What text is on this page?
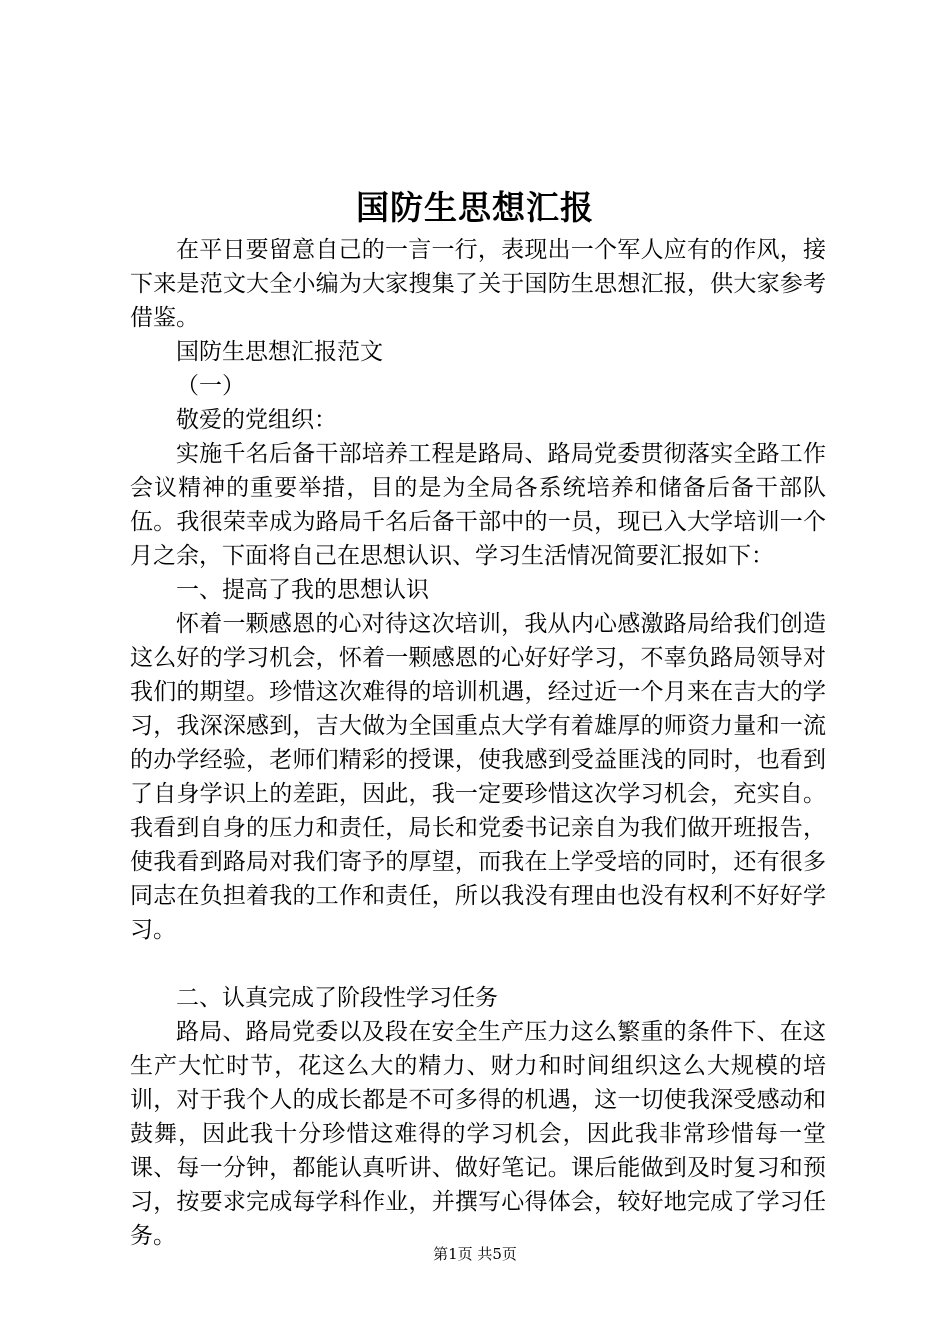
国防生思想汇报

在平日要留意自己的一言一行，表现出一个军人应有的作风，接下来是范文大全小编为大家搜集了关于国防生思想汇报，供大家参考借鉴。

国防生思想汇报范文

（一）

敬爱的党组织：

实施千名后备干部培养工程是路局、路局党委贯彻落实全路工作会议精神的重要举措，目的是为全局各系统培养和储备后备干部队伍。我很荣幸成为路局千名后备干部中的一员，现已入大学培训一个月之余，下面将自己在思想认识、学习生活情况简要汇报如下：

一、提高了我的思想认识

怀着一颗感恩的心对待这次培训，我从内心感激路局给我们创造这么好的学习机会，怀着一颗感恩的心好好学习，不辜负路局领导对我们的期望。珍惜这次难得的培训机遇，经过近一个月来在吉大的学习，我深深感到，吉大做为全国重点大学有着雄厚的师资力量和一流的办学经验，老师们精彩的授课，使我感到受益匪浅的同时，也看到了自身学识上的差距，因此，我一定要珍惜这次学习机会，充实自。我看到自身的压力和责任，局长和党委书记亲自为我们做开班报告，使我看到路局对我们寄予的厚望，而我在上学受培的同时，还有很多同志在负担着我的工作和责任，所以我没有理由也没有权利不好好学习。

二、认真完成了阶段性学习任务

路局、路局党委以及段在安全生产压力这么繁重的条件下、在这生产大忙时节，花这么大的精力、财力和时间组织这么大规模的培训，对于我个人的成长都是不可多得的机遇，这一切使我深受感动和鼓舞，因此我十分珍惜这难得的学习机会，因此我非常珍惜每一堂课、每一分钟，都能认真听讲、做好笔记。课后能做到及时复习和预习，按要求完成每学科作业，并撰写心得体会，较好地完成了学习任务。

第1页 共5页
